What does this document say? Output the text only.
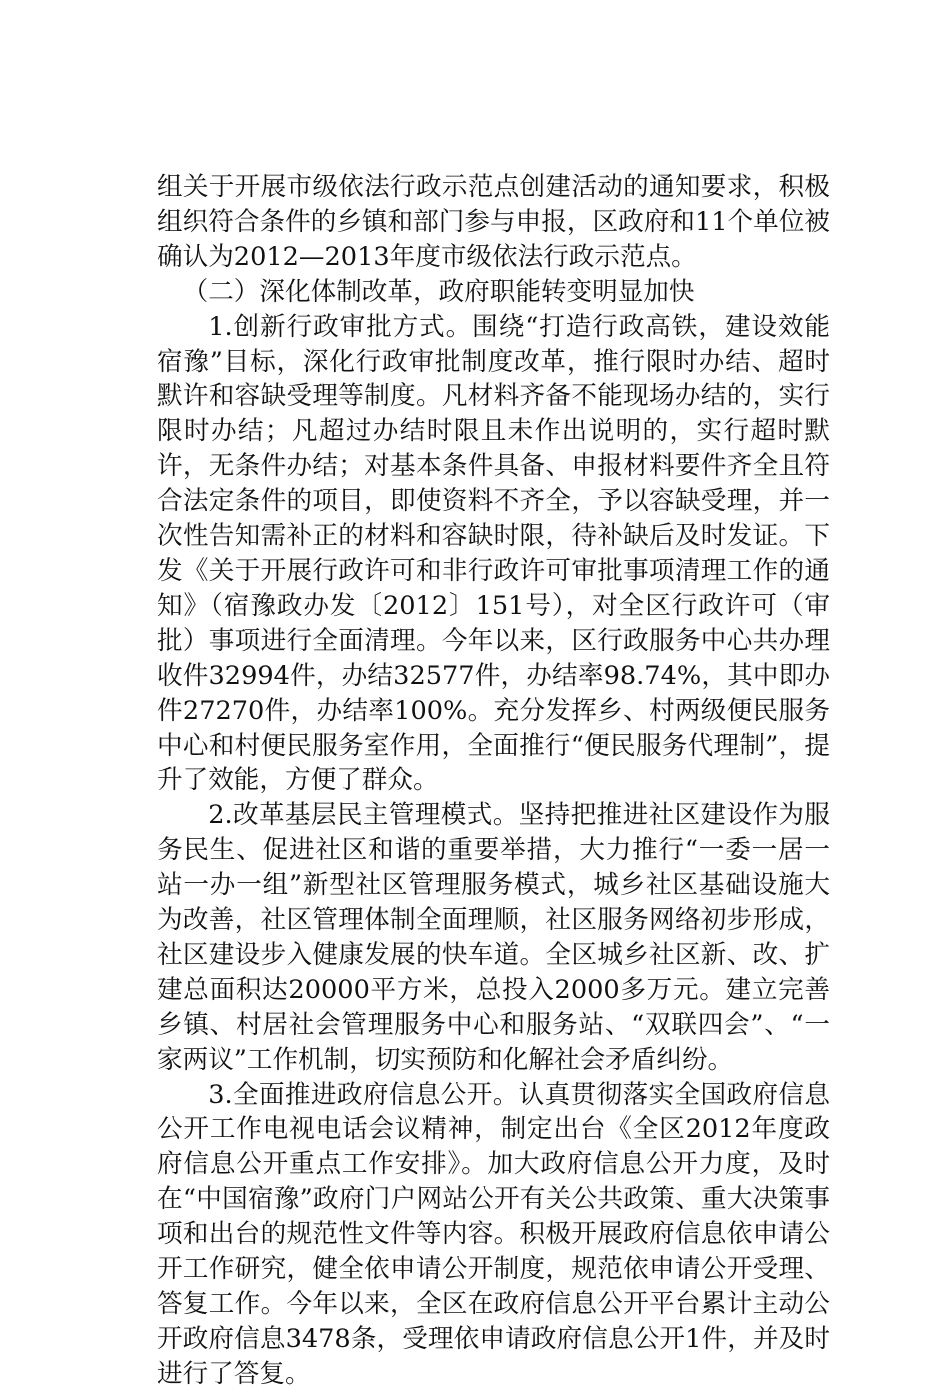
组关于开展市级依法行政示范点创建活动的通知要求，积极组织符合条件的乡镇和部门参与申报，区政府和11个单位被确认为2012—2013年度市级依法行政示范点。

（二）深化体制改革，政府职能转变明显加快

1.创新行政审批方式。围绕“打造行政高铁，建设效能宿豫”目标，深化行政审批制度改革，推行限时办结、超时默许和容缺受理等制度。凡材料齐备不能现场办结的，实行限时办结；凡超过办结时限且未作出说明的，实行超时默许，无条件办结；对基本条件具备、申报材料要件齐全且符合法定条件的项目，即使资料不齐全，予以容缺受理，并一次性告知需补正的材料和容缺时限，待补缺后及时发证。下发《关于开展行政许可和非行政许可审批事项清理工作的通知》（宿豫政办发〔2012〕151号），对全区行政许可（审批）事项进行全面清理。今年以来，区行政服务中心共办理收件32994件，办结32577件，办结率98.74%，其中即办件27270件，办结率100%。充分发挥乡、村两级便民服务中心和村便民服务室作用，全面推行“便民服务代理制”，提升了效能，方便了群众。

2.改革基层民主管理模式。坚持把推进社区建设作为服务民生、促进社区和谐的重要举措，大力推行“一委一居一站一办一组”新型社区管理服务模式，城乡社区基础设施大为改善，社区管理体制全面理顺，社区服务网络初步形成，社区建设步入健康发展的快车道。全区城乡社区新、改、扩建总面积达20000平方米，总投入2000多万元。建立完善乡镇、村居社会管理服务中心和服务站、“双联四会”、“一家两议”工作机制，切实预防和化解社会矛盾纠纷。

3.全面推进政府信息公开。认真贯彻落实全国政府信息公开工作电视电话会议精神，制定出台《全区2012年度政府信息公开重点工作安排》。加大政府信息公开力度，及时在“中国宿豫”政府门户网站公开有关公共政策、重大决策事项和出台的规范性文件等内容。积极开展政府信息依申请公开工作研究，健全依申请公开制度，规范依申请公开受理、答复工作。今年以来，全区在政府信息公开平台累计主动公开政府信息3478条，受理依申请政府信息公开1件，并及时进行了答复。
